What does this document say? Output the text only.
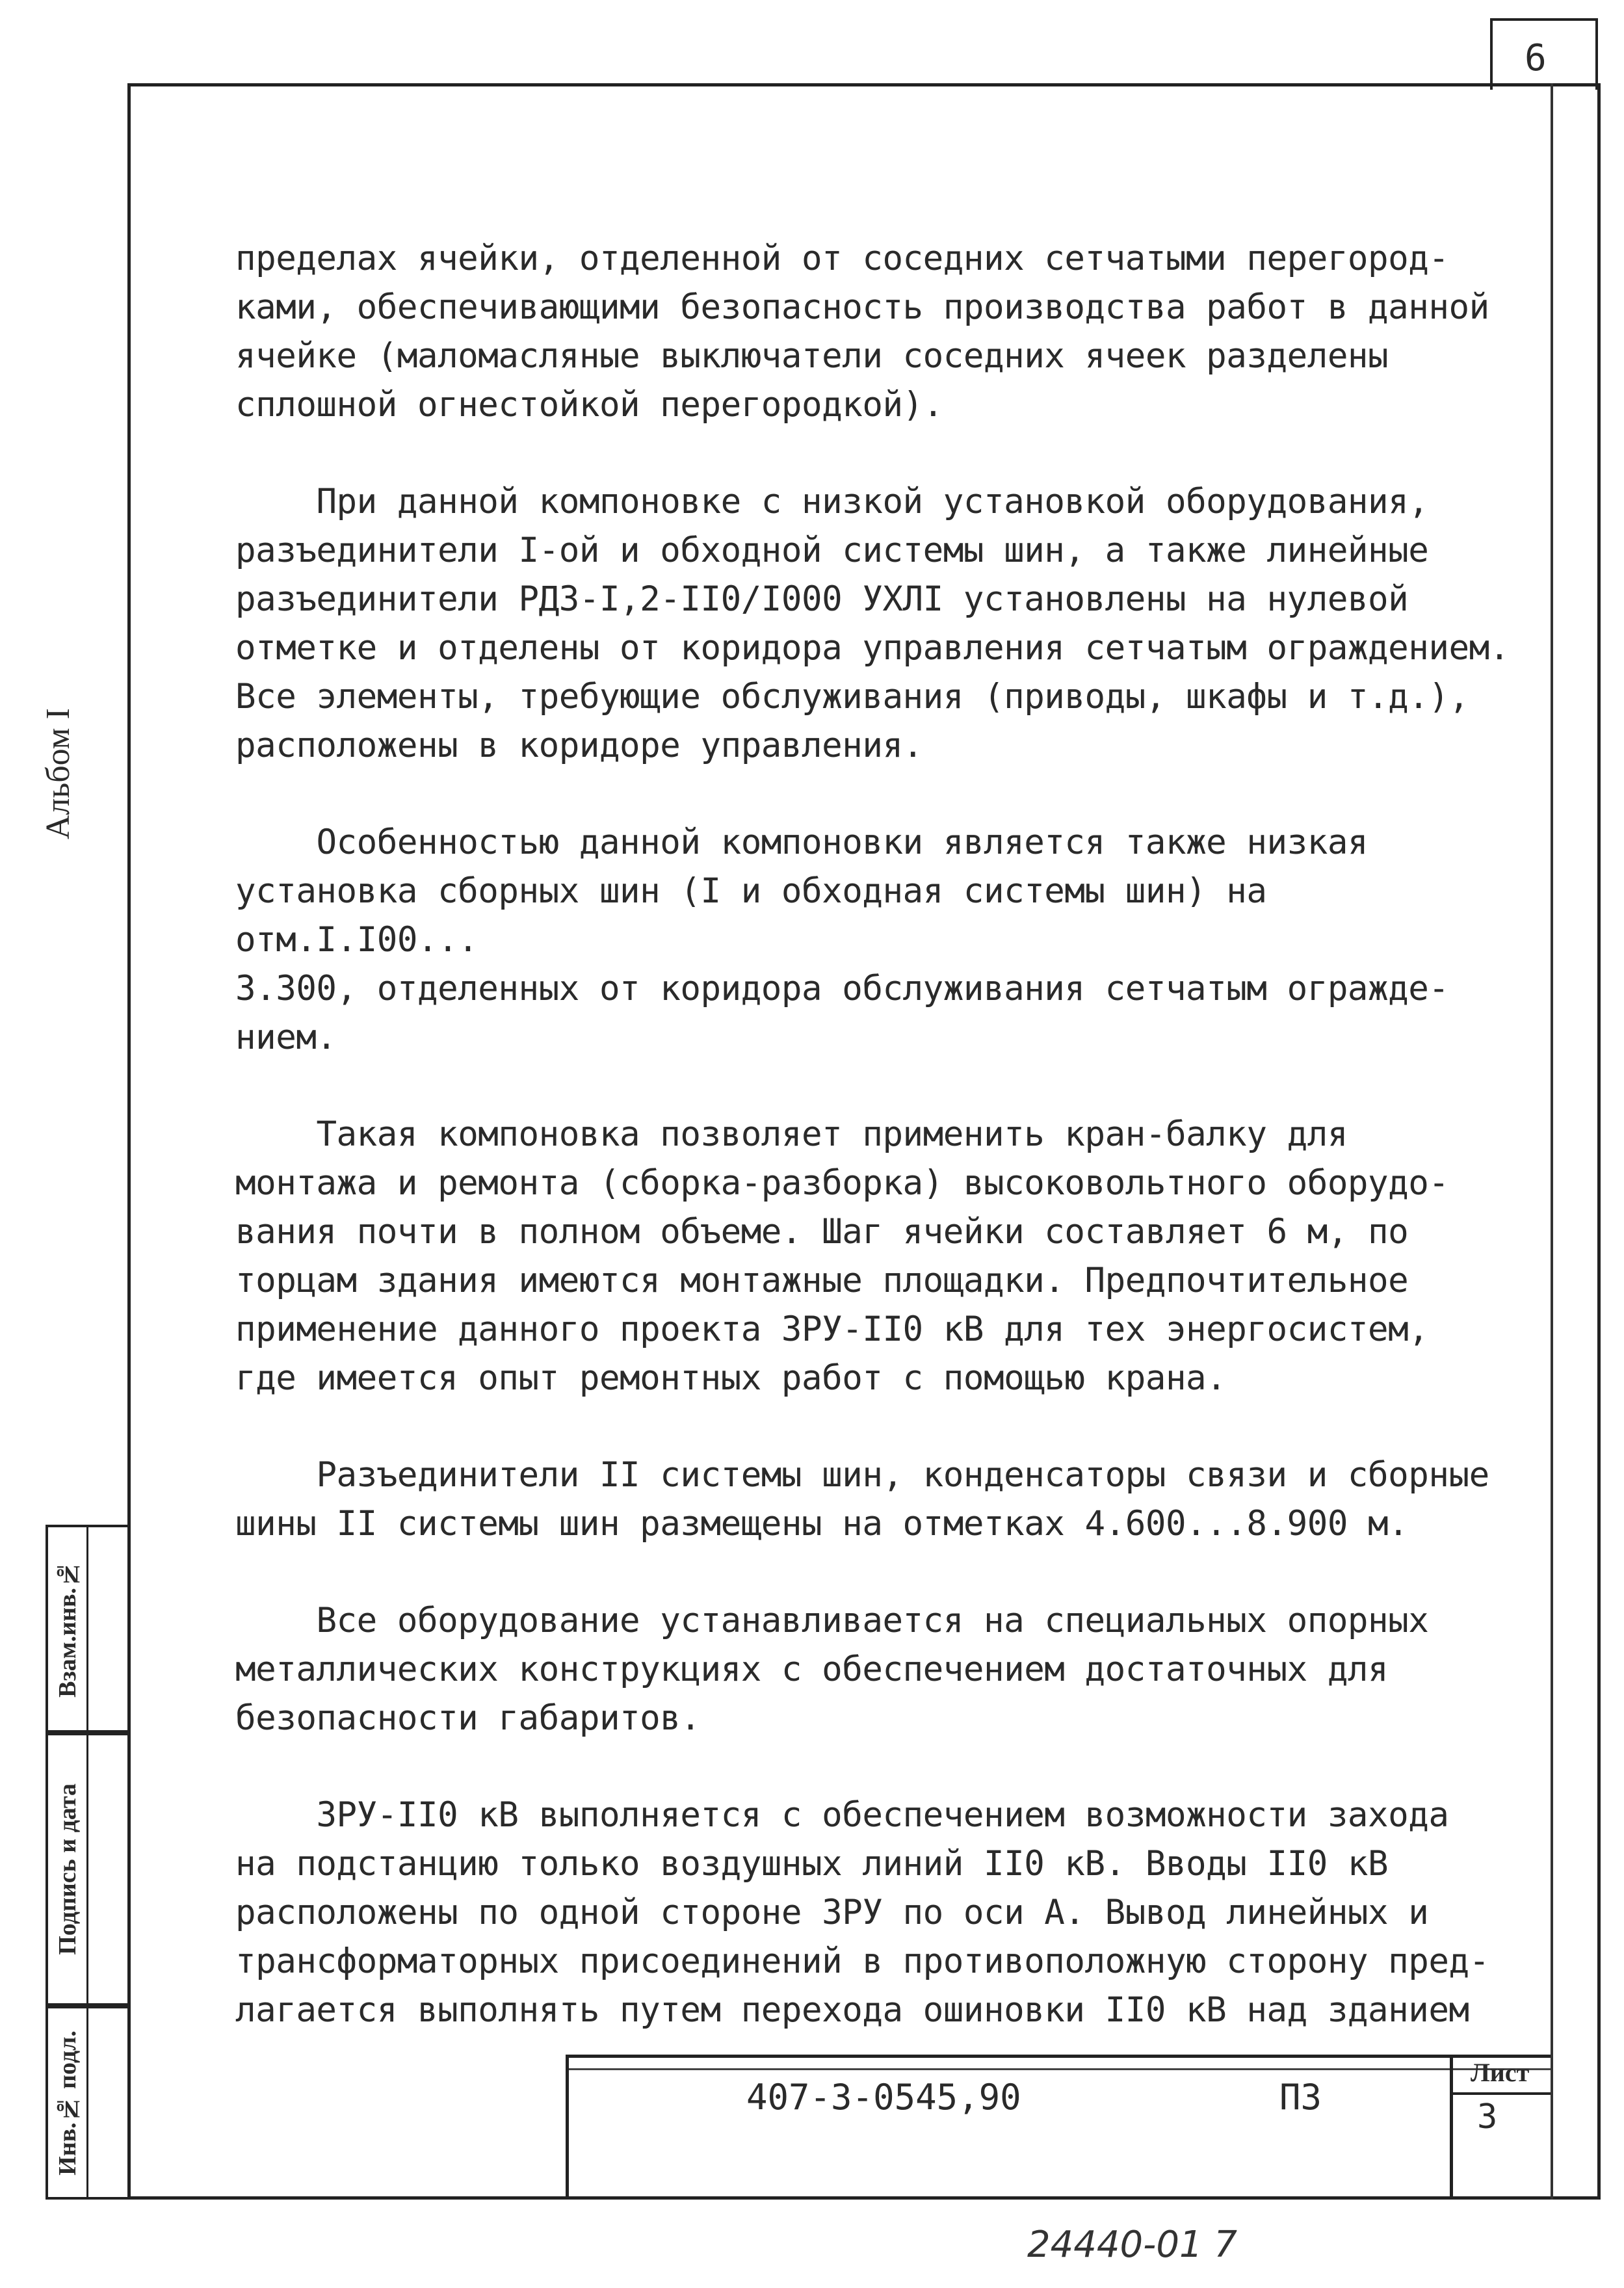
6
Альбом I
Взам.инв.№
Подпись и дата
Инв.№ подл.

пределах ячейки, отделенной от соседних сетчатыми перегород-
ками, обеспечивающими безопасность производства работ в данной
ячейке (маломасляные выключатели соседних ячеек разделены
сплошной огнестойкой перегородкой).

При данной компоновке с низкой установкой оборудования,
разъединители I-ой и обходной системы шин, а также линейные
разъединители РДЗ-I,2-II0/I000 УХЛI установлены на нулевой
отметке и отделены от коридора управления сетчатым ограждением.
Все элементы, требующие обслуживания (приводы, шкафы и т.д.),
расположены в коридоре управления.

Особенностью данной компоновки является также низкая
установка сборных шин (I и обходная системы шин) на отм.I.I00...
3.300, отделенных от коридора обслуживания сетчатым огражде-
нием.

Такая компоновка позволяет применить кран-балку для
монтажа и ремонта (сборка-разборка) высоковольтного оборудо-
вания почти в полном объеме. Шаг ячейки составляет 6 м, по
торцам здания имеются монтажные площадки. Предпочтительное
применение данного проекта ЗРУ-II0 кВ для тех энергосистем,
где имеется опыт ремонтных работ с помощью крана.

Разъединители II системы шин, конденсаторы связи и сборные
шины II системы шин размещены на отметках 4.600...8.900 м.

Все оборудование устанавливается на специальных опорных
металлических конструкциях с обеспечением достаточных для
безопасности габаритов.

ЗРУ-II0 кВ выполняется с обеспечением возможности захода
на подстанцию только воздушных линий II0 кВ. Вводы II0 кВ
расположены по одной стороне ЗРУ по оси А. Вывод линейных и
трансформаторных присоединений в противоположную сторону пред-
лагается выполнять путем перехода ошиновки II0 кВ над зданием

407-3-0545,90	ПЗ
Лист
3
24440-01 7
